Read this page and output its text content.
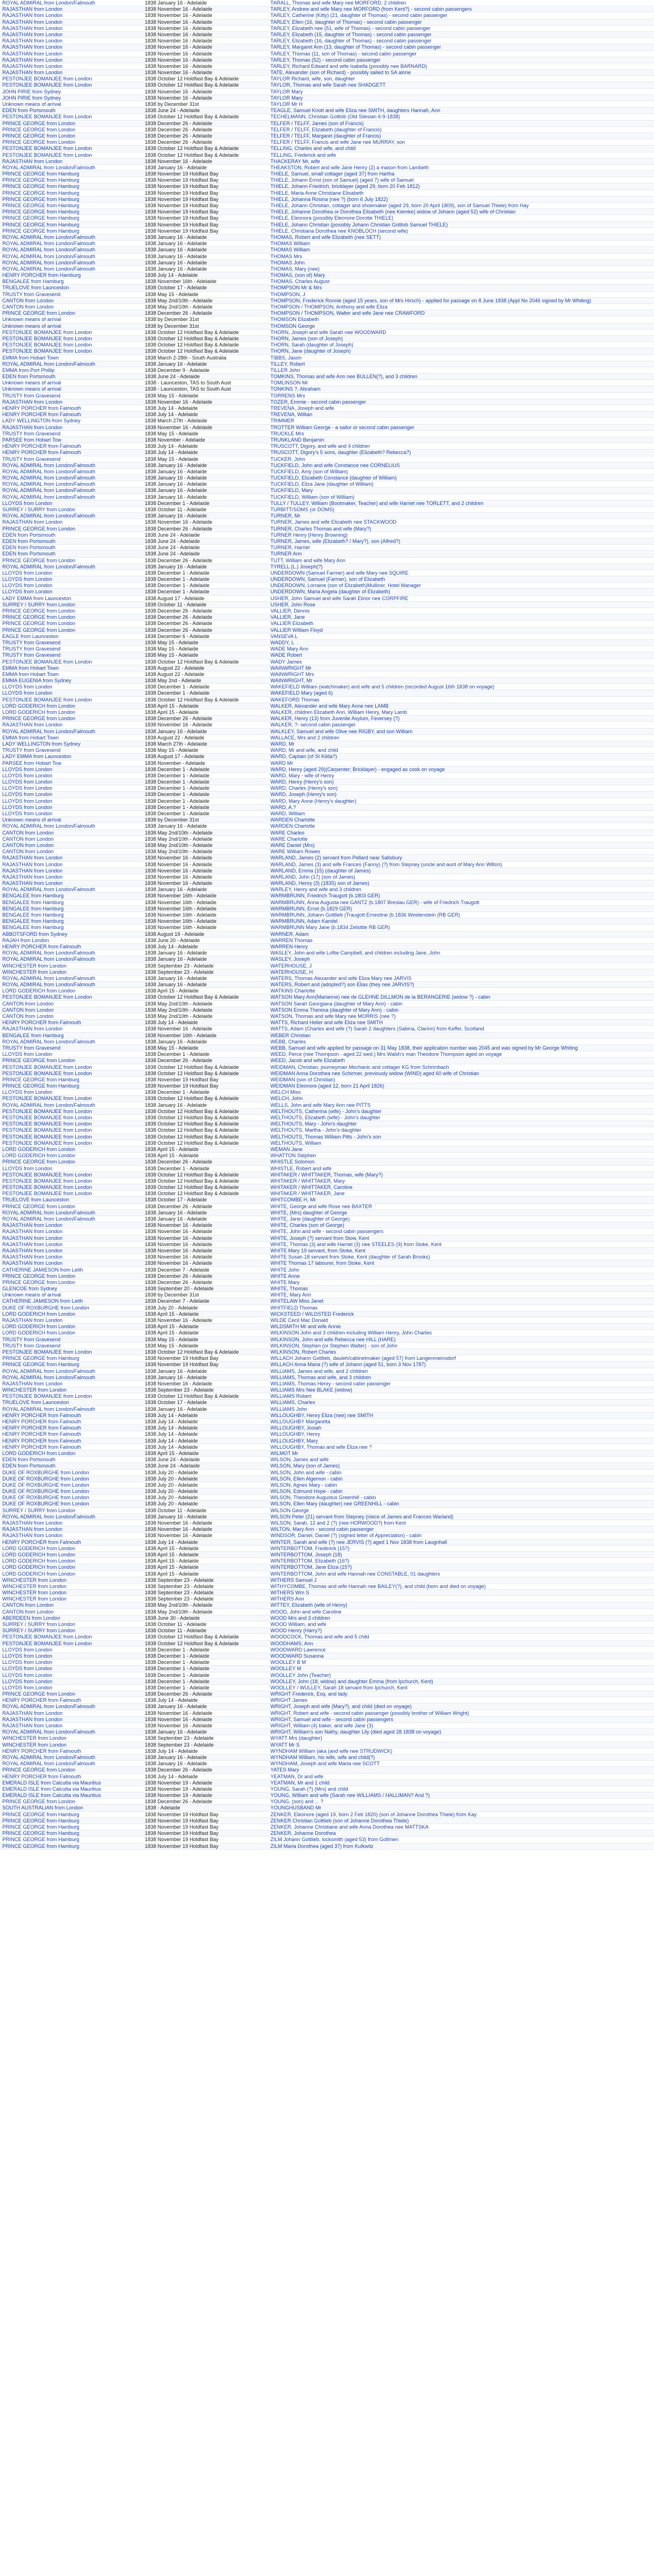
ROYAL ADMIRAL from London/Falmouth	1838 January 16 - Adelaide	TARALL, Thomas and wife Mary nee MORFORD, 2 children
RAJASTHAN from London	1838 November 16 - Adelaide	TARLEY, Andrew and wife Mary nee MORFORD (from Kent?) - second cabin passengers
RAJASTHAN from London	1838 November 16 - Adelaide	TARLEY, Catherine (Kitty) (21, daughter of Thomas) - second cabin passenger
RAJASTHAN from London	1838 November 16 - Adelaide	TARLEY, Ellen (16, daughter of Thomas) - second cabin passenger
RAJASTHAN from London	1838 November 16 - Adelaide	TARLEY, Elizabeth nee (51, wife of Thomas) - second cabin passenger
RAJASTHAN from London	1838 November 16 - Adelaide	TARLEY, Elizabeth (15, daughter of Thomas) - second cabin passenger
RAJASTHAN from London	1838 November 16 - Adelaide	TARLEY, Elizabeth (16, daughter of Thomas) - second cabin passenger
RAJASTHAN from London	1838 November 16 - Adelaide	TARLEY, Margaret Ann (13, daughter of Thomas) - second cabin passenger
RAJASTHAN from London	1838 November 16 - Adelaide	TARLEY, Thomas (11, son of Thomas) - second cabin passenger
RAJASTHAN from London	1838 November 16 - Adelaide	TARLEY, Thomas (52) - second cabin passenger
RAJASTHAN from London	1838 November 16 - Adelaide	TARLEY, Richard Edward and wife Isabella (possibly nee BARNARD)
RAJASTHAN from London	1838 November 16 - Adelaide	TATE, Alexander (son of Richard) - possibly sailed to SA alone
PESTONJEE BOMANJEE from London	1838 October 12 Holdfast Bay & Adelaide	TAYLOR Richard, wife, son, daughter
PESTONJEE BOMANJEE from London	1838 October 12 Holdfast Bay & Adelaide	TAYLOR, Thomas and wife Sarah nee SHADGETT
JOHN PIRIE from Sydney	1838 November 16 - Adelaide	TAYLOR Mary
JOHN PIRIE from Sydney	1838 November 16 - Adelaide	TAYLOR Mary
Unknown means of arrival	1838 by December 31st	TAYLOR Mr H
EDEN from Portsmouth	1838 June 24 - Adelaide	TEAGLE, Samuel Knott and wife Eliza nee SMITH, daughters Hannah, Ann
PESTONJEE BOMANJEE from London	1838 October 12 Holdfast Bay & Adelaide	TECHELMANN, Christian Gottlob (Old Silesian 6-9-1838)
PRINCE GEORGE from London	1838 December 26 - Adelaide	TELFER / TELFF, James (son of Francis)
PRINCE GEORGE from London	1838 December 26 - Adelaide	TELFER / TELFF, Elizabeth (daughter of Francis)
PRINCE GEORGE from London	1838 December 26 - Adelaide	TELFER / TELFF, Margaret (daughter of Francis)
PRINCE GEORGE from London	1838 December 26 - Adelaide	TELFER / TELFF, Francis and wife Jane nee MURRAY, son
PESTONJEE BOMANJEE from London	1838 October 12 Holdfast Bay & Adelaide	TELLING, Charles and wife, and child
PESTONJEE BOMANJEE from London	1838 October 12 Holdfast Bay & Adelaide	TELLING, Frederick and wife
RAJASTHAN from London	1838 November 16 - Adelaide	THACKERAY Mr, wife
ROYAL ADMIRAL from London/Falmouth	1838 January 16 - Adelaide	THEAKSTON, Robert and wife Jane Henry (2) a mason from Lambeth
PRINCE GEORGE from Hamburg	1838 November 19 Holdfast Bay	THIELE, Samuel, small cottager (aged 37) from Hartha
PRINCE GEORGE from Hamburg	1838 November 19 Holdfast Bay	THIELE, Johann Ernst (son of Samuel) (aged 7) wife of Samuel
PRINCE GEORGE from Hamburg	1838 November 19 Holdfast Bay	THIELE, Johann Friedrich, bricklayer (aged 29, born 20 Feb 1812)
PRINCE GEORGE from Hamburg	1838 November 19 Holdfast Bay	THIELE, Maria Anne Christiane Elisabeth
PRINCE GEORGE from Hamburg	1838 November 19 Holdfast Bay	THIELE, Johanna Rosina (nee ?) (born 6 July 1822)
PRINCE GEORGE from Hamburg	1838 November 19 Holdfast Bay	THIELE, Johann Christian, cottager and shoemaker (aged 29, born 20 April 1809), son of Samuel Thiele) from Hay
PRINCE GEORGE from Hamburg	1838 November 19 Holdfast Bay	THIELE, Johanne Dorothea or Dorothea Elisabeth (nee Kiemke) widow of Johann (aged 52) wife of Christian
PRINCE GEORGE from Hamburg	1838 November 19 Holdfast Bay	THIELE, Eleonora (possibly Eleonore Dorotie THIELE)
PRINCE GEORGE from Hamburg	1838 November 19 Holdfast Bay	THIELE, Johann Christian (possibly Johann Christian Gottlob Samuel THIELE)
PRINCE GEORGE from Hamburg	1838 November 19 Holdfast Bay	THIELE, Christiana Dorothea nee KNOBLOCH (second wife)
ROYAL ADMIRAL from London/Falmouth	1838 January 16 - Adelaide	THOMAS, Robert and wife Elizabeth (nee SETT)
ROYAL ADMIRAL from London/Falmouth	1838 January 16 - Adelaide	THOMAS William
ROYAL ADMIRAL from London/Falmouth	1838 January 16 - Adelaide	THOMAS William
ROYAL ADMIRAL from London/Falmouth	1838 January 16 - Adelaide	THOMAS Mrs
ROYAL ADMIRAL from London/Falmouth	1838 January 16 - Adelaide	THOMAS John
ROYAL ADMIRAL from London/Falmouth	1838 January 16 - Adelaide	THOMAS, Mary (nee)
HENRY PORCHER from Hamburg	1838 July 14 - Adelaide	THOMAS, (son of) Mary
BENGALEE from Hamburg	1838 November 16th - Adelaide	THOMAS, Charles August
TRUELOVE from Launceston	1838 October 17 - Adelaide	THOMPSON Mr & Mrs
TRUSTY from Gravesend	1838 May 15 - Adelaide	THOMPSON, J
CANTON from London	1838 May 2nd/10th - Adelaide	THOMPSON, Frederick Ronnie (aged 15 years, son of Mrs Hirsch) - applied for passage on 8 June 1838 (Appl No 2046 signed by Mr Whiting)
CANTON from London	1838 May 2nd/10th - Adelaide	THOMPSON / THOMPSON, Anthony and wife Eliza
PRINCE GEORGE from London	1838 December 26 - Adelaide	THOMPSON / THOMPSON, Walter and wife Jane nee CRAWFORD
Unknown means of arrival	1838 by December 31st	THOMSON Elizabeth
Unknown means of arrival	1838 by December 31st	THOMSON George
PESTONJEE BOMANJEE from London	1838 October 12 Holdfast Bay & Adelaide	THORN, Joseph and wife Sarah nee WOODWARD
PESTONJEE BOMANJEE from London	1838 October 12 Holdfast Bay & Adelaide	THORN, James (son of Joseph)
PESTONJEE BOMANJEE from London	1838 October 12 Holdfast Bay & Adelaide	THORN, Sarah (daughter of Joseph)
PESTONJEE BOMANJEE from London	1838 October 12 Holdfast Bay & Adelaide	THORN, Jane (daughter of Joseph)
EMMA from Hobart Town	1838 March 2-28th - South Australia	TIBBS, Jason
ROYAL ADMIRAL from London/Falmouth	1838 January 16 - Adelaide	TILLEY, Robert
EMMA from Port Phillip	1838 December 9 - Adelaide	TILLER John
EDEN from Portsmouth	1838 June 24 - Adelaide	TOMKINS, Thomas and wife Ann nee BULLEN(?), and 3 children
Unknown means of arrival	1838 - Launceston, TAS to South Aust	TOMLINSON Mr
Unknown means of arrival	1838 - Launceston, TAS to South Aust	TONKINS ?, Abraham
TRUSTY from Gravesend	1838 May 15 - Adelaide	TORRENS Mrs
RAJASTHAN from London	1838 November 16 - Adelaide	TOZER, Emmie - second cabin passenger
HENRY PORCHER from Falmouth	1838 July 14 - Adelaide	TREVENA, Joseph and wife
HENRY PORCHER from Falmouth	1838 July 14 - Adelaide	TREVENA, Willian
LADY WELLINGTON from Sydney	1838 March 27th - Adelaide	TRIMMER
RAJASTHAN from London	1838 November 16 - Adelaide	TROTTER William George - a sailor or second cabin passenger
TRUSTY from Gravesend	1838 May 15 - Adelaide	TRUCKLE Mrs
PARSEE from Hobart Tow	1838 November - Adelaide	TRUNKLAND Benjamin
HENRY PORCHER from Falmouth	1838 July 14 - Adelaide	TRUSCOTT, Digory, and wife and 4 children
HENRY PORCHER from Falmouth	1838 July 14 - Adelaide	TRUSCOTT, Digory's 5 sons, daughter (Elizabeth? Rebecca?)
TRUSTY from Gravesend	1838 May 15 - Adelaide	TUCKER, John
ROYAL ADMIRAL from London/Falmouth	1838 January 16 - Adelaide	TUCKFIELD, John and wife Constance nee CORNELIUS
ROYAL ADMIRAL from London/Falmouth	1838 January 16 - Adelaide	TUCKFIELD, Amy (son of William)
ROYAL ADMIRAL from London/Falmouth	1838 January 16 - Adelaide	TUCKFIELD, Elizabeth Constance (daughter of William)
ROYAL ADMIRAL from London/Falmouth	1838 January 16 - Adelaide	TUCKFIELD, Eliza Jane (daughter of William)
ROYAL ADMIRAL from London/Falmouth	1838 January 16 - Adelaide	TUCKFIELD, Mary
ROYAL ADMIRAL from London/Falmouth	1838 January 16 - Adelaide	TUCKFIELD, William (son of William)
LLOYDS from London	1838 December 1 - Adelaide	TULLY / TULLEY, William (Bootmaker, Teacher) and wife Harriet nee TORLETT, and 2 children
SURREY / SURRY from London	1838 October 11 - Adelaide	TURBITT/SOMS (or DOMS)
ROYAL ADMIRAL from London/Falmouth	1838 January 16 - Adelaide	TURNER, Mr
RAJASTHAN from London	1838 November 16 - Adelaide	TURNER, James and wife Elizabeth nee STACKWOOD
PRINCE GEORGE from London	1838 December 26 - Adelaide	TURNER, Charles Thomas and wife (Mary?)
EDEN from Portsmouth	1838 June 24 - Adelaide	TURNER Henry (Henry Browning)
EDEN from Portsmouth	1838 June 24 - Adelaide	TURNER, James, wife (Elizabeth? / Mary?), son (Alfred?)
EDEN from Portsmouth	1838 June 24 - Adelaide	TURNER, Harriet
EDEN from Portsmouth	1838 June 24 - Adelaide	TURNER Ann
PRINCE GEORGE from London	1838 December 26 - Adelaide	TUTT, William and wife Mary Ann
ROYAL ADMIRAL from London/Falmouth	1838 January 16 - Adelaide	TYRELL (L.) Joseph(?)
LLOYDS from London	1838 December 1 - Adelaide	UNDERDOWN (Samuel Farmer) and wife Mary nee SQUIRE
LLOYDS from London	1838 December 1 - Adelaide	UNDERDOWN, Samuel (Farmer), son of Elizabeth
LLOYDS from London	1838 December 1 - Adelaide	UNDERDOWN, Lorraine (son of Elizabeth)Mulliner, Hotel Manager
LLOYDS from London	1838 December 1 - Adelaide	UNDERDOWN, Maria Angela (daughter of Elizabeth)
LADY EMMA from Launceston	1838 August 17 - Adelaide	USHER, John Samuel and wife Sarah Elinor nee CORPFIRE
SURREY / SURRY from London	1838 October 11 - Adelaide	USHER, John Rose
PRINCE GEORGE from London	1838 December 26 - Adelaide	VALLIER, Dennis
PRINCE GEORGE from London	1838 December 26 - Adelaide	VALLIER, Jane
PRINCE GEORGE from London	1838 December 26 - Adelaide	VALLIER Elizabeth
PRINCE GEORGE from London	1838 December 26 - Adelaide	VALLIER William Floyd
EAGLE from Launceston	1838 December 6 - Adelaide	VANSEVA L
TRUSTY from Gravesend	1838 May 15 - Adelaide	WADDY, L
TRUSTY from Gravesend	1838 May 15 - Adelaide	WADE Mary Ann
TRUSTY from Gravesend	1838 May 15 - Adelaide	WADE Robert
PESTONJEE BOMANJEE from London	1838 October 12 Holdfast Bay & Adelaide	WADY James
EMMA from Hobart Town	1838 August 22 - Adelaide	WAINWRIGHT Mr
EMMA from Hobart Town	1838 August 22 - Adelaide	WAINWRIGHT Mrs
EMMA EUGENIA from Sydney	1838 May 2nd - Adelaide	WAINWRIGHT, Mr
LLOYDS from London	1838 December 1 - Adelaide	WAKEFIELD William (watchmaker) and wife and 5 children (recorded August 16th 1838 on voyage)
LLOYDS from London	1838 December 1 - Adelaide	WAKEFIELD Mary (aged 6)
PESTONJEE BOMANJEE from London	1838 October 12 Holdfast Bay & Adelaide	WAKEFORD Thomas
LORD GODERICH from London	1838 April 15 - Adelaide	WALKER, Alexander and wife Mary Anne nee LAMB
LORD GODERICH from London	1838 April 15 - Adelaide	WALKER, children Elizabeth Ann, William Henry, Mary Lamb
PRINCE GEORGE from London	1838 December 26 - Adelaide	WALKER, Henry (13) from Juvenile Asylum, Feversey (?)
RAJASTHAN from London	1838 November 16 - Adelaide	WALKER, ?- second cabin passenger
ROYAL ADMIRAL from London/Falmouth	1838 January 16 - Adelaide	WALKLEY, Samuel and wife Olive nee RIGBY, and son William
EMMA from Hobart Town	1838 August 22 - Adelaide	WALLACE, Mrs and 2 children
LADY WELLINGTON from Sydney	1838 March 27th - Adelaide	WARD, Mr
TRUSTY from Gravesend	1838 May 15 - Adelaide	WARD, Mr and wife, and child
LADY EMMA from Launceston	1838 August 17 - Adelaide	WARD, Captain (of St Kilda?)
PARSEE from Hobart Tow	1838 November - Adelaide	WARD Mr
LLOYDS from London	1838 December 1 - Adelaide	WARD, Henry (aged 29)(Carpenter; Bricklayer) - engaged as cook on voyage
LLOYDS from London	1838 December 1 - Adelaide	WARD, Mary - wife of Henry
LLOYDS from London	1838 December 1 - Adelaide	WARD, Henry (Henry's son)
LLOYDS from London	1838 December 1 - Adelaide	WARD, Charles (Henry's son)
LLOYDS from London	1838 December 1 - Adelaide	WARD, Joseph (Henry's son)
LLOYDS from London	1838 December 1 - Adelaide	WARD, Mary Anne (Henry's daughter)
LLOYDS from London	1838 December 1 - Adelaide	WARD, A.?
LLOYDS from London	1838 December 1 - Adelaide	WARD, William
Unknown means of arrival	1838 by December 31st	WARDEN Charlotte
ROYAL ADMIRAL from London/Falmouth	1838 January 16 - Adelaide	WARDEN Charlotte
CANTON from London	1838 May 2nd/10th - Adelaide	WARE Charles
CANTON from London	1838 May 2nd/10th - Adelaide	WARE Charlotte
CANTON from London	1838 May 2nd/10th - Adelaide	WARE Daniel (Mrs)
CANTON from London	1838 May 2nd/10th - Adelaide	WARE William Rowes
RAJASTHAN from London	1838 November 16 - Adelaide	WARLAND, James (2) servant from Pellard near Salisbury
RAJASTHAN from London	1838 November 16 - Adelaide	WARLAND, James (3) and wife Frances (Fanny) (?) from Stepney (uncle and aunt of Mary Ann Wilton)
RAJASTHAN from London	1838 November 16 - Adelaide	WARLAND, Emma (15) (daughter of James)
RAJASTHAN from London	1838 November 16 - Adelaide	WARLAND, John (17) (son of James)
RAJASTHAN from London	1838 November 16 - Adelaide	WARLAND, Henry (3) (1835) son of James)
ROYAL ADMIRAL from London/Falmouth	1838 January 16 - Adelaide	WARLEY, Henry and wife and 3 children
BENGALEE from Hamburg	1838 November 16th - Adelaide	WARMBRUNN, Friedrich Traugott (b.1803 GER)
BENGALEE from Hamburg	1838 November 16th - Adelaide	WARMBRUNN, Anna Augusta nee GANTZ (b.1807 Breslau GER) - wife of Friedrich Traugott
BENGALEE from Hamburg	1838 November 16th - Adelaide	WARMBRUNN, Ernst (b.1829 GER)
BENGALEE from Hamburg	1838 November 16th - Adelaide	WARMBRUNN, Johann Gottlieb (Traugott Ernestine (b.1836 Weidenstein (RB GER)
BENGALEE from Hamburg	1838 November 16th - Adelaide	WARMBRUNN, Adam Kandel
BENGALEE from Hamburg	1838 November 16th - Adelaide	WARMBRUNN Mary Jane (b.1834 Zelsittle RB GER)
ABBOTSFORD from Sydney	1838 August 19 - Adelaide	WARNER, Adam
RAJAH from London	1838 June 20 - Adelaide	WARREN Thomas
HENRY PORCHER from Falmouth	1838 July 14 - Adelaide	WARREN Henry
ROYAL ADMIRAL from London/Falmouth	1838 January 16 - Adelaide	WASLEY, John and wife Loftie Campbell, and children including Jane, John
ROYAL ADMIRAL from London/Falmouth	1838 January 16 - Adelaide	WASLEY, Joseph
WINCHESTER from London	1838 September 23 - Adelaide	WATERHOUSE, J
WINCHESTER from London	1838 September 23 - Adelaide	WATERHOUSE, H
ROYAL ADMIRAL from London/Falmouth	1838 January 16 - Adelaide	WATERS, Thomas Alexander and wife Eliza Mary nee JARVIS
ROYAL ADMIRAL from London/Falmouth	1838 January 16 - Adelaide	WATERS, Robert and (adopted?) son Elias (they nee JARVIS?)
LORD GODERICH from London	1838 April 15 - Adelaide	WATKINS Charlotte
PESTONJEE BOMANJEE from London	1838 October 12 Holdfast Bay & Adelaide	WATSON Mary Ann(Marianne) nee de GLEHNE DILLMON de la BERANGERIE (widow ?) - cabin
CANTON from London	1838 May 2nd/10th - Adelaide	WATSON Sarah Georgiana (daughter of Mary Ann) - cabin
CANTON from London	1838 May 2nd/10th - Adelaide	WATSON Emma Theresa (daughter of Mary Ann) - cabin
CANTON from London	1838 May 2nd/10th - Adelaide	WATSON, Thomas and wife Mary nee MORRIS (nee ?)
HENRY PORCHER from Falmouth	1838 July 14 - Adelaide	WATTS, Richard Helier and wife Eliza nee SMITH
RAJASTHAN from London	1838 November 16 - Adelaide	WATTS, Adam (Charles and wife (?) Sarah 2 daughters (Sabina, Clarinn) from Keffer, Scotland
BENGALEE from Hamburg	1838 November 16th - Adelaide	WEBER Christian
ROYAL ADMIRAL from London/Falmouth	1838 January 16 - Adelaide	WEBB, Charles
TRUSTY from Gravesend	1838 May 15 - Adelaide	WEBB, Samuel and wife applied for passage on 31 May 1838, their application number was 2045 and was signed by Mr George Whiting
LLOYDS from London	1838 December 1 - Adelaide	WEED, Perce (nee Thompson - aged 22 wed.) Mrs Walsh's man Theodore Thompson aged on voyage
PRINCE GEORGE from London	1838 December 26 - Adelaide	WEED, Jacob and wife Elizabeth
PESTONJEE BOMANJEE from London	1838 October 12 Holdfast Bay & Adelaide	WEIDMAN, Christian, journeyman Mechanic and cottager KG from Schrimbach
PESTONJEE BOMANJEE from London	1838 October 12 Holdfast Bay & Adelaide	WEIDMAN Anna Dorothea nee Schirmer, previously widow (WIND) aged 60 wife of Christian
PRINCE GEORGE from Hamburg	1838 November 19 Holdfast Bay	WEIDMAN (son of Christian)
PRINCE GEORGE from Hamburg	1838 November 19 Holdfast Bay	WEIDMAN Eleonore (aged 12, born 21 April 1826)
LLOYDS from London	1838 December 1 - Adelaide	WELCH Miss
PESTONJEE BOMANJEE from London	1838 October 12 Holdfast Bay & Adelaide	WELCH, John
ROYAL ADMIRAL from London/Falmouth	1838 January 16 - Adelaide	WELLS, John and wife Mary Ann nee PITTS
PESTONJEE BOMANJEE from London	1838 October 12 Holdfast Bay & Adelaide	WELTHOUTS, Catherina (wife) - John's daughter
PESTONJEE BOMANJEE from London	1838 October 12 Holdfast Bay & Adelaide	WELTHOUTS, Elizabeth (wife) - John's daughter
PESTONJEE BOMANJEE from London	1838 October 12 Holdfast Bay & Adelaide	WELTHOUTS, Mary - John's daughter
PESTONJEE BOMANJEE from London	1838 October 12 Holdfast Bay & Adelaide	WELTHOUTS, Martha - John's daughter
PESTONJEE BOMANJEE from London	1838 October 12 Holdfast Bay & Adelaide	WELTHOUTS, Thomas William Pitts - John's son
PESTONJEE BOMANJEE from London	1838 October 12 Holdfast Bay & Adelaide	WELTHOUTS, William
LORD GODERICH from London	1838 April 15 - Adelaide	WEMAN Jane
LORD GODERICH from London	1838 April 15 - Adelaide	WHATTON Stephen
PRINCE GEORGE from London	1838 December 26 - Adelaide	WHISTLE Solomon
LLOYDS from London	1838 December 1 - Adelaide	WHISTLE, Robert and wife
PESTONJEE BOMANJEE from London	1838 October 12 Holdfast Bay & Adelaide	WHITAKER / WHITTAKER, Thomas, wife (Mary?)
PESTONJEE BOMANJEE from London	1838 October 12 Holdfast Bay & Adelaide	WHITAKER / WHITTAKER, Mary
PESTONJEE BOMANJEE from London	1838 October 12 Holdfast Bay & Adelaide	WHITAKER / WHITTAKER, Caroline
PESTONJEE BOMANJEE from London	1838 October 12 Holdfast Bay & Adelaide	WHITAKER / WHITTAKER, Jane
TRUELOVE from Launceston	1838 October 17 - Adelaide	WHITCOMBE H, Mr
PRINCE GEORGE from London	1838 December 26 - Adelaide	WHITE, George and wife Rose nee BAXTER
ROYAL ADMIRAL from London/Falmouth	1838 January 16 - Adelaide	WHITE, (Mrs) daughter of George
ROYAL ADMIRAL from London/Falmouth	1838 January 16 - Adelaide	WHITE, Jane (daughter of George)
RAJASTHAN from London	1838 November 16 - Adelaide	WHITE, Charles (son of George)
RAJASTHAN from London	1838 November 16 - Adelaide	WHITE, John and wife - second cabin passengers
RAJASTHAN from London	1838 November 16 - Adelaide	WHITE, Joseph (?) servant from Stow, Kent
RAJASTHAN from London	1838 November 16 - Adelaide	WHITE, Thomas (3) and wife Harriet (3) nee STEELES (9) from Stoke, Kent
RAJASTHAN from London	1838 November 16 - Adelaide	WHITE Mary 19 servant, from Stoke, Kent
RAJASTHAN from London	1838 November 16 - Adelaide	WHITE Susan 18 servant from Stoke, Kent (daughter of Sarah Brooks)
RAJASTHAN from London	1838 November 16 - Adelaide	WHITE Thomas 17 labourer, from Stoke, Kent
CATHERINE JAMIESON from Leith	1838 December 7 - Adelaide	WHITE John
PRINCE GEORGE from London	1838 December 26 - Adelaide	WHITE Anne
PRINCE GEORGE from London	1838 December 26 - Adelaide	WHITE Mary
GLENCOE from Sydney	1838 September 20 - Adelaide	WHITE, Thomas
Unknown means of arrival	1838 by December 31st	WHITE, Mary Ann
CATHERINE JAMIESON from Leith	1838 December 7 - Adelaide	WHITELAW Miss Janet
DUKE OF ROXBURGHE from London	1838 July 20 - Adelaide	WHITFIELD Thomas
LORD GODERICH from London	1838 April 15 - Adelaide	WICKSTEED / WILDSTED Frederick
RAJASTHAN from London	1838 November 16 - Adelaide	WILDE Cecil Mac Donald
LORD GODERICH from London	1838 April 15 - Adelaide	WILDSMITH Mr and wife Annie
LORD GODERICH from London	1838 April 15 - Adelaide	WILKINSON John and 3 children including William Henry, John Charles
TRUSTY from Gravesend	1838 May 15 - Adelaide	WILKINSON, John and wife Rebecca nee HILL (HARE)
TRUSTY from Gravesend	1838 May 15 - Adelaide	WILKINSON, Stephen (or Stephen Walter) - son of John
PESTONJEE BOMANJEE from London	1838 October 12 Holdfast Bay & Adelaide	WILKINSON, Robert Charles
PRINCE GEORGE from Hamburg	1838 November 19 Holdfast Bay	WILLACH Johann Gottlieb, dauleh/cabinetmaker (aged 57) from Langenmeinsdorf
PRINCE GEORGE from Hamburg	1838 November 19 Holdfast Bay	WILLACH Anna Maria (?) wife of Johann (aged 51, born 3 Nov 1787)
ROYAL ADMIRAL from London/Falmouth	1838 January 16 - Adelaide	WILLIAMS, James and wife, and 2 children
ROYAL ADMIRAL from London/Falmouth	1838 January 16 - Adelaide	WILLIAMS, Thomas and wife, and 3 children
RAJASTHAN from London	1838 November 16 - Adelaide	WILLIAMS, Thomas Henry - second cabin passenger
WINCHESTER from London	1838 September 23 - Adelaide	WILLIAMS Mrs Nee BLAKE (widow)
PESTONJEE BOMANJEE from London	1838 October 12 Holdfast Bay & Adelaide	WILLIAMS Robert
TRUELOVE from Launceston	1838 October 17 - Adelaide	WILLIAMS, Charles
ROYAL ADMIRAL from London/Falmouth	1838 January 16 - Adelaide	WILLIAMS John
HENRY PORCHER from Falmouth	1838 July 14 - Adelaide	WILLOUGHBY, Henry Eliza (nee) nee SMITH
HENRY PORCHER from Falmouth	1838 July 14 - Adelaide	WILLOUGHBY Margaretta
HENRY PORCHER from Falmouth	1838 July 14 - Adelaide	WILLOUGHBY, Josiah
HENRY PORCHER from Falmouth	1838 July 14 - Adelaide	WILLOUGHBY, Henry
HENRY PORCHER from Falmouth	1838 July 14 - Adelaide	WILLOUGHBY, Mary
HENRY PORCHER from Falmouth	1838 July 14 - Adelaide	WILLOUGHBY, Thomas and wife Eliza nee ?
LORD GODERICH from London	1838 April 15 - Adelaide	WILMOT Mr
EDEN from Portsmouth	1838 June 24 - Adelaide	WILSON, James and wife
EDEN from Portsmouth	1838 June 24 - Adelaide	WILSON, Mary (son of James)
DUKE OF ROXBURGHE from London	1838 July 20 - Adelaide	WILSON, John and wife - cabin
DUKE OF ROXBURGHE from London	1838 July 20 - Adelaide	WILSON, Ellen Algemon - cabin
DUKE OF ROXBURGHE from London	1838 July 20 - Adelaide	WILSON, Agnes Mary - cabin
DUKE OF ROXBURGHE from London	1838 July 20 - Adelaide	WILSON, Edmund Hope - cabin
DUKE OF ROXBURGHE from London	1838 July 20 - Adelaide	WILSON, Theodore Augustus Greenhill - cabin
DUKE OF ROXBURGHE from London	1838 July 20 - Adelaide	WILSON, Ellen Mary (daughter) nee GREENHILL - cabin
SURREY / SURRY from London	1838 October 11 - Adelaide	WILSON George
ROYAL ADMIRAL from London/Falmouth	1838 January 16 - Adelaide	WILSON Peter (21) servant from Stepney (niece of James and Frances Warland)
RAJASTHAN from London	1838 November 16 - Adelaide	WILSON, Sarah, 12 and 2 (?) (nee HORWOOD?) from Kent
RAJASTHAN from London	1838 November 16 - Adelaide	WILTON, Mary Ann - second cabin passenger
RAJASTHAN from London	1838 November 16 - Adelaide	WINDSOR, Daniel, Daniel (?) (signed letter of Appreciation) - cabin
HENRY PORCHER from Falmouth	1838 July 14 - Adelaide	WINTER, Sarah and wife (?) nee JERVIS (?) aged 1 Nov 1838 from Laugnhall
LORD GODERICH from London	1838 April 15 - Adelaide	WINTERBOTTOM, Frederick (15?)
LORD GODERICH from London	1838 April 15 - Adelaide	WINTERBOTTOM, Joseph (18)
LORD GODERICH from London	1838 April 15 - Adelaide	WINTERBOTTOM, Elizabeth (16?)
LORD GODERICH from London	1838 April 15 - Adelaide	WINTERBOTTOM, Jane Eliza (15?)
LORD GODERICH from London	1838 April 15 - Adelaide	WINTERBOTTOM, John and wife Hannah nee CONSTABLE, 01 daughters
WINCHESTER from London	1838 September 23 - Adelaide	WITHERS Samuel J
WINCHESTER from London	1838 September 23 - Adelaide	WITHYCOMBE, Thomas and wife Hannah nee BAILEY(?), and child (born and died on voyage)
WINCHESTER from London	1838 September 23 - Adelaide	WITHERS Wm S
WINCHESTER from London	1838 September 23 - Adelaide	WITHERS Ann
CANTON from London	1838 May 2nd/10th - Adelaide	WITTEY, Elizabeth (wife of Henry)
CANTON from London	1838 May 2nd/10th - Adelaide	WOOD, John and wife Caroline
ABERDEEN from London	1838 June 30 - Adelaide	WOOD Mrs and 3 children
SURREY / SURRY from London	1838 October 11 - Adelaide	WOOD William, and wife
SURREY / SURRY from London	1838 October 11 - Adelaide	WOOD Henry (Harry?)
PESTONJEE BOMANJEE from London	1838 October 12 Holdfast Bay & Adelaide	WOODCOCK, Thomas and wife and 5 child
PESTONJEE BOMANJEE from London	1838 October 12 Holdfast Bay & Adelaide	WOODHAMS, Ann
LLOYDS from London	1838 December 1 - Adelaide	WOODWARD Lawrence
LLOYDS from London	1838 December 1 - Adelaide	WOODWARD Susanna
LLOYDS from London	1838 December 1 - Adelaide	WOOLLEY B M
LLOYDS from London	1838 December 1 - Adelaide	WOOLLEY M
LLOYDS from London	1838 December 1 - Adelaide	WOOLLEY John (Teacher)
LLOYDS from London	1838 December 1 - Adelaide	WOOLLEY, John (18, widow) and daughter Emma (from Ipchurch, Kent)
LLOYDS from London	1838 December 1 - Adelaide	WOOLLEY / WULLEY, Sarah 18 servant from Ipchurch, Kent
PRINCE GEORGE from London	1838 December 26 - Adelaide	WRIGHT Frederick, Esq. and lady
HENRY PORCHER from Falmouth	1838 July 14 - Adelaide	WRIGHT James
ROYAL ADMIRAL from London/Falmouth	1838 January 16 - Adelaide	WRIGHT, Joseph and wife (Mary?), and child (died on voyage)
RAJASTHAN from London	1838 November 16 - Adelaide	WRIGHT, Robert and wife - second cabin passenger (possibly brother of William Wright)
RAJASTHAN from London	1838 November 16 - Adelaide	WRIGHT, Samuel and wife - second cabin passengers
RAJASTHAN from London	1838 November 16 - Adelaide	WRIGHT, William (4) baker, and wife Jane (3)
ROYAL ADMIRAL from London/Falmouth	1838 January 16 - Adelaide	WRIGHT, William's son Nathy, daughter Lily (died aged 28 1838 on voyage)
WINCHESTER from London	1838 September 23 - Adelaide	WYATT Mrs (daughter)
WINCHESTER from London	1838 September 23 - Adelaide	WYATT Mr S
HENRY PORCHER from Falmouth	1838 July 14 - Adelaide	WYNDHAM William (aka (and wife nee STRUDWICK)
ROYAL ADMIRAL from London/Falmouth	1838 January 16 - Adelaide	WYNDHAM William, his wife, wife and child(?)
ROYAL ADMIRAL from London/Falmouth	1838 January 16 - Adelaide	WYNDHAM, Joseph and wife Maria nee SCOTT
PRINCE GEORGE from London	1838 December 26 - Adelaide	YATES Mary
HENRY PORCHER from Falmouth	1838 July 14 - Adelaide	YEATMAN, Dr and wife
EMERALD ISLE from Calcutta via Mauritius	1838 November 19 - Adelaide	YEATMAN, Mr and 1 child
EMERALD ISLE from Calcutta via Mauritius	1838 November 19 - Adelaide	YOUNG, Sarah (?) (Mrs) and child
EMERALD ISLE from Calcutta via Mauritius	1838 November 19 - Adelaide	YOUNG, William and wife (Sarah nee WILLIAMS / HALLIMAN? And ?)
PRINCE GEORGE from London	1838 December 26 - Adelaide	YOUNG, (son) and ... ?
SOUTH AUSTRALIAN from London	1838 - Adelaide	YOUNGHUSBAND Mr
PRINCE GEORGE from Hamburg	1838 November 19 Holdfast Bay	ZENKER, Eleonore (aged 19, born 2 Feb 1820) (son of Johanne Dorothea Thiele) from Kay
PRINCE GEORGE from Hamburg	1838 November 19 Holdfast Bay	ZENKER Christian Gottlieb (son of Johanne Dorothea Thiele)
PRINCE GEORGE from Hamburg	1838 November 19 Holdfast Bay	ZENKER, Johanne Christiane and wife Anna Dorothea nee MATTSKA
PRINCE GEORGE from Hamburg	1838 November 19 Holdfast Bay	ZENKER, Johanne Dorothea
PRINCE GEORGE from Hamburg	1838 November 19 Holdfast Bay	ZILM Johann Gottlieb, locksmith (aged 53) from Gollmen
PRINCE GEORGE from Hamburg	1838 November 19 Holdfast Bay	ZILM Maria Dorothea (aged 37) from Kulkwitz
